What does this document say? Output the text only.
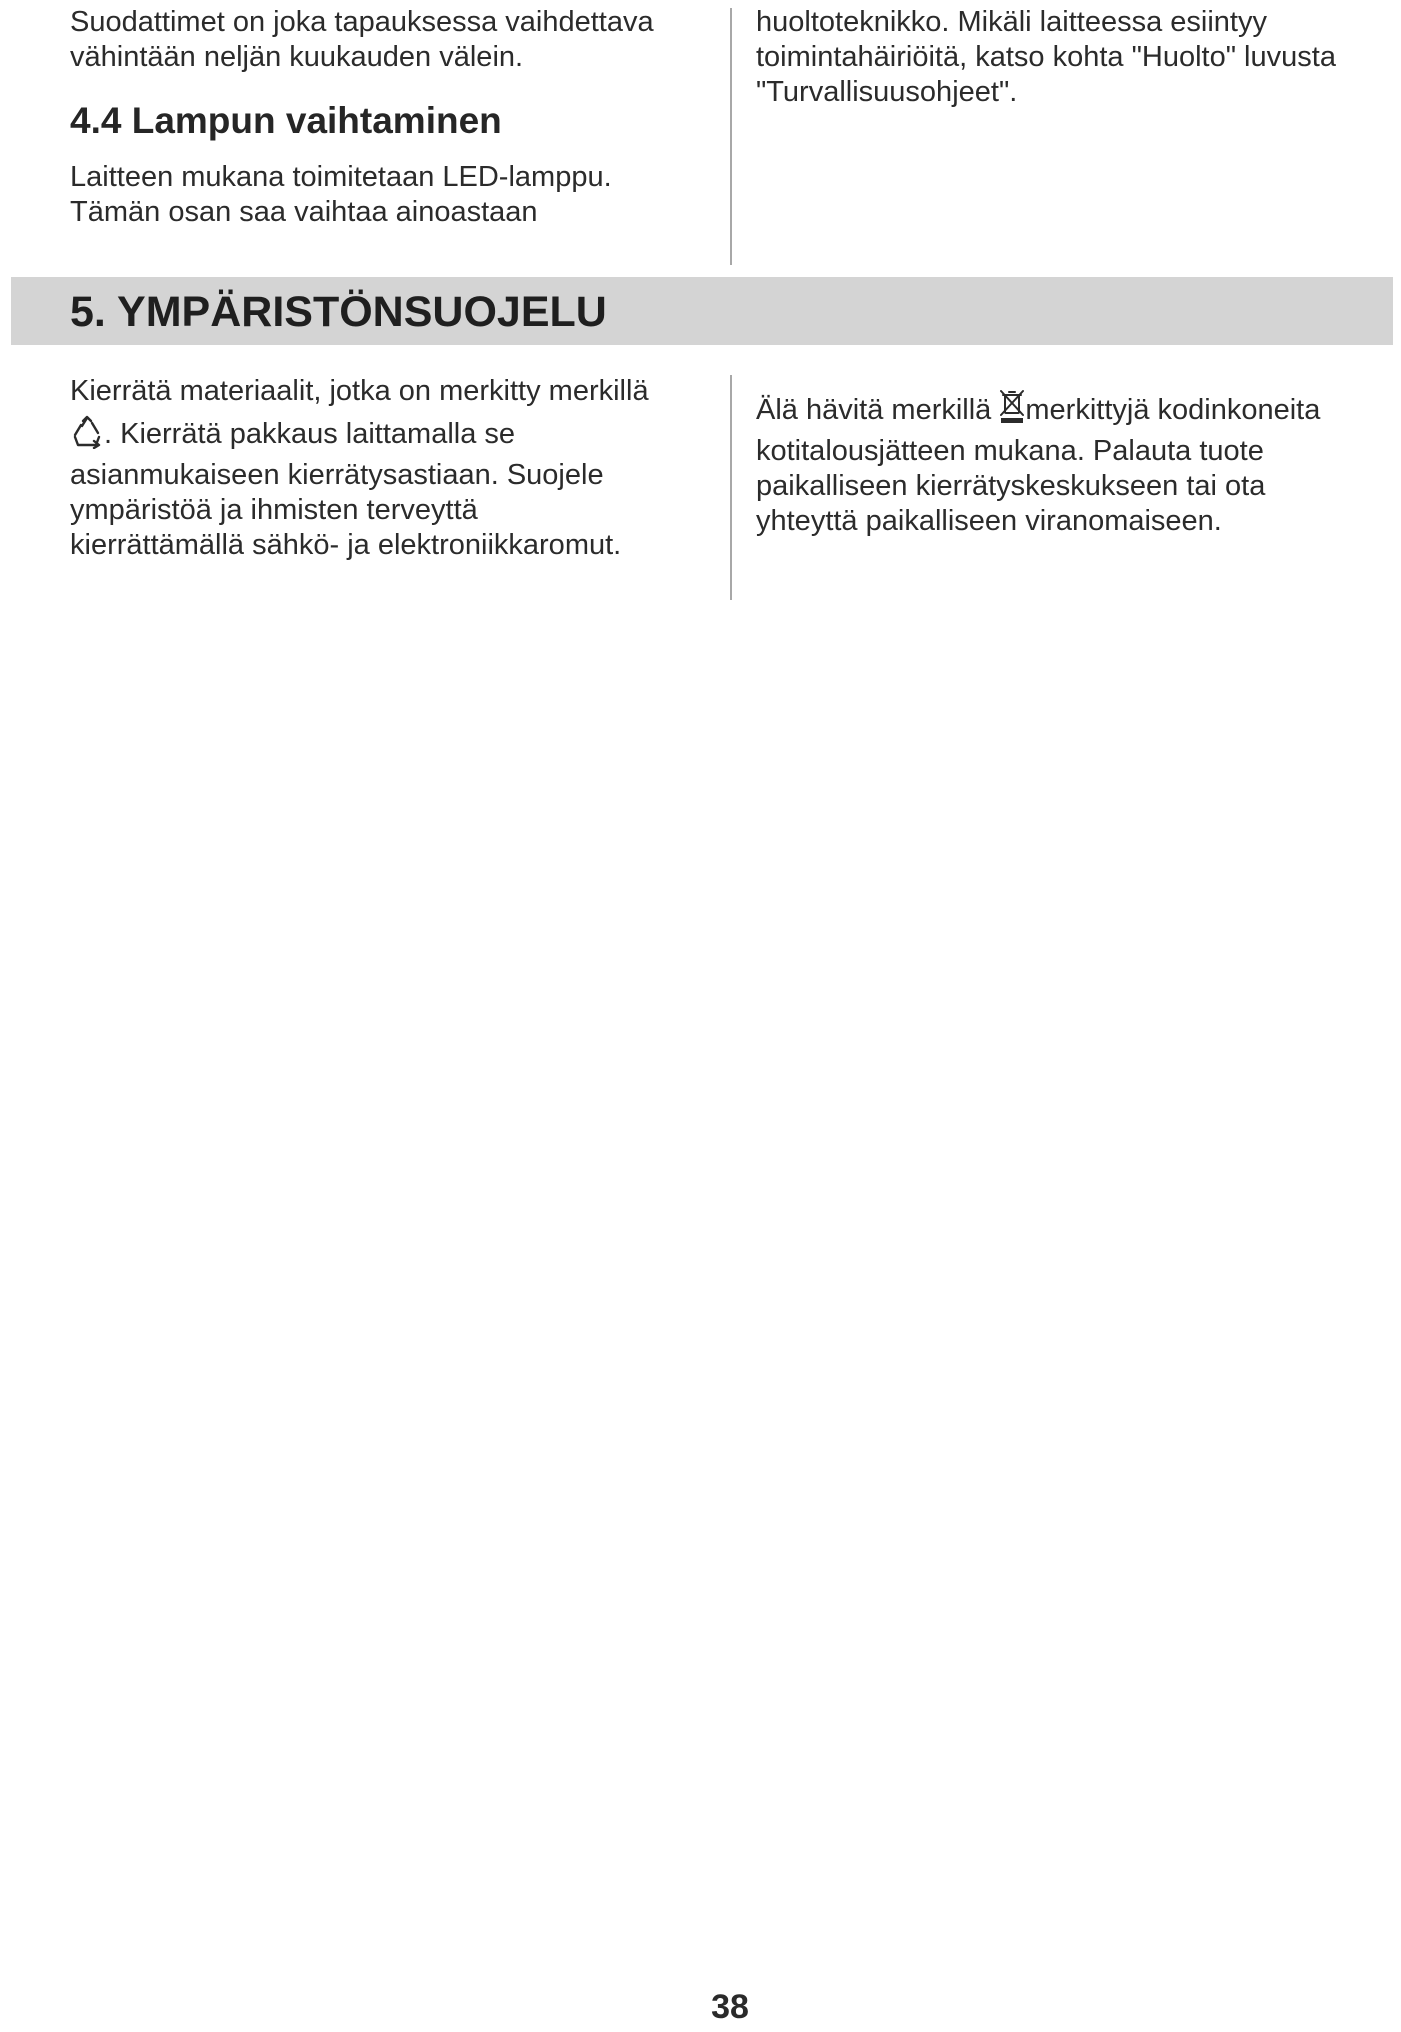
Suodattimet on joka tapauksessa vaihdettava

vähintään neljän kuukauden välein.

4.4 Lampun vaihtaminen

Laitteen mukana toimitetaan LED-lamppu.

Tämän osan saa vaihtaa ainoastaan

huoltoteknikko. Mikäli laitteessa esiintyy

toimintahäiriöitä, katso kohta "Huolto" luvusta

"Turvallisuusohjeet".

5. YMPÄRISTÖNSUOJELU

Kierrätä materiaalit, jotka on merkitty merkillä

. Kierrätä pakkaus laittamalla se

asianmukaiseen kierrätysastiaan. Suojele

ympäristöä ja ihmisten terveyttä

kierrättämällä sähkö- ja elektroniikkaromut.

Älä hävitä merkillä merkittyjä kodinkoneita

kotitalousjätteen mukana. Palauta tuote

paikalliseen kierrätyskeskukseen tai ota

yhteyttä paikalliseen viranomaiseen.

38
